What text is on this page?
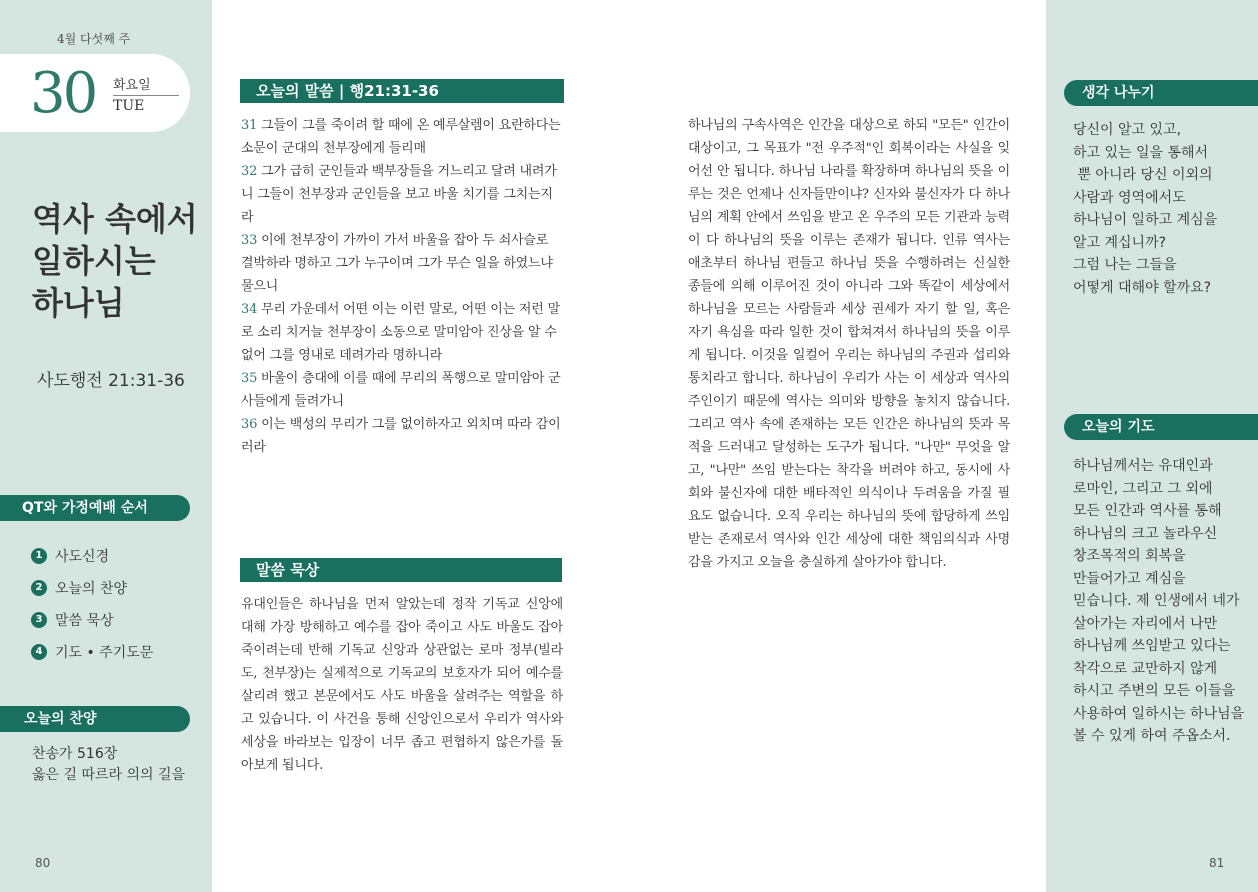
4월 다섯째 주
30 화요일
TUE
역사 속에서
일하시는
하나님
사도행전 21:31-36
QT와 가정예배 순서
1 사도신경
2 오늘의 찬양
3 말씀 묵상
4 기도 • 주기도문
오늘의 찬양
찬송가 516장
옳은 길 따르라 의의 길을
80
오늘의 말씀 | 행21:31-36
31 그들이 그를 죽이려 할 때에 온 예루살렘이 요란하다는 소문이 군대의 천부장에게 들리매
32 그가 급히 군인들과 백부장들을 거느리고 달려 내려가니 그들이 천부장과 군인들을 보고 바울 치기를 그치는지라
33 이에 천부장이 가까이 가서 바울을 잡아 두 쇠사슬로 결박하라 명하고 그가 누구이며 그가 무슨 일을 하였느냐 물으니
34 무리 가운데서 어떤 이는 이런 말로, 어떤 이는 저런 말로 소리 치거늘 천부장이 소동으로 말미암아 진상을 알 수 없어 그를 영내로 데려가라 명하니라
35 바울이 층대에 이를 때에 무리의 폭행으로 말미암아 군사들에게 들려가니
36 이는 백성의 무리가 그를 없이하자고 외치며 따라 감이러라
말씀 묵상
유대인들은 하나님을 먼저 알았는데 정작 기독교 신앙에 대해 가장 방해하고 예수를 잡아 죽이고 사도 바울도 잡아 죽이려는데 반해 기독교 신앙과 상관없는 로마 정부(빌라도, 천부장)는 실제적으로 기독교의 보호자가 되어 예수를 살리려 했고 본문에서도 사도 바울을 살려주는 역할을 하고 있습니다. 이 사건을 통해 신앙인으로서 우리가 역사와 세상을 바라보는 입장이 너무 좁고 편협하지 않은가를 돌아보게 됩니다.
하나님의 구속사역은 인간을 대상으로 하되 "모든" 인간이 대상이고, 그 목표가 "전 우주적"인 회복이라는 사실을 잊어선 안 됩니다. 하나님 나라를 확장하며 하나님의 뜻을 이루는 것은 언제나 신자들만이냐? 신자와 불신자가 다 하나님의 계획 안에서 쓰임을 받고 온 우주의 모든 기관과 능력이 다 하나님의 뜻을 이루는 존재가 됩니다. 인류 역사는 애초부터 하나님 편들고 하나님 뜻을 수행하려는 신실한 종들에 의해 이루어진 것이 아니라 그와 똑같이 세상에서 하나님을 모르는 사람들과 세상 권세가 자기 할 일, 혹은 자기 욕심을 따라 일한 것이 합쳐져서 하나님의 뜻을 이루게 됩니다. 이것을 일컬어 우리는 하나님의 주권과 섭리와 통치라고 합니다. 하나님이 우리가 사는 이 세상과 역사의 주인이기 때문에 역사는 의미와 방향을 놓치지 않습니다. 그리고 역사 속에 존재하는 모든 인간은 하나님의 뜻과 목적을 드러내고 달성하는 도구가 됩니다. "나만" 무엇을 알고, "나만" 쓰임 받는다는 착각을 버려야 하고, 동시에 사회와 불신자에 대한 배타적인 의식이나 두려움을 가질 필요도 없습니다. 오직 우리는 하나님의 뜻에 합당하게 쓰임받는 존재로서 역사와 인간 세상에 대한 책임의식과 사명감을 가지고 오늘을 충실하게 살아가야 합니다.
생각 나누기
당신이 알고 있고,
하고 있는 일을 통해서
뿐 아니라 당신 이외의
사람과 영역에서도
하나님이 일하고 계심을
알고 계십니까?
그럼 나는 그들을
어떻게 대해야 할까요?
오늘의 기도
하나님께서는 유대인과
로마인, 그리고 그 외에
모든 인간과 역사를 통해
하나님의 크고 놀라우신
창조목적의 회복을
만들어가고 계심을
믿습니다. 제 인생에서 네가
살아가는 자리에서 나만
하나님께 쓰임받고 있다는
착각으로 교만하지 않게
하시고 주변의 모든 이들을
사용하여 일하시는 하나님을
볼 수 있게 하여 주옵소서.
81
